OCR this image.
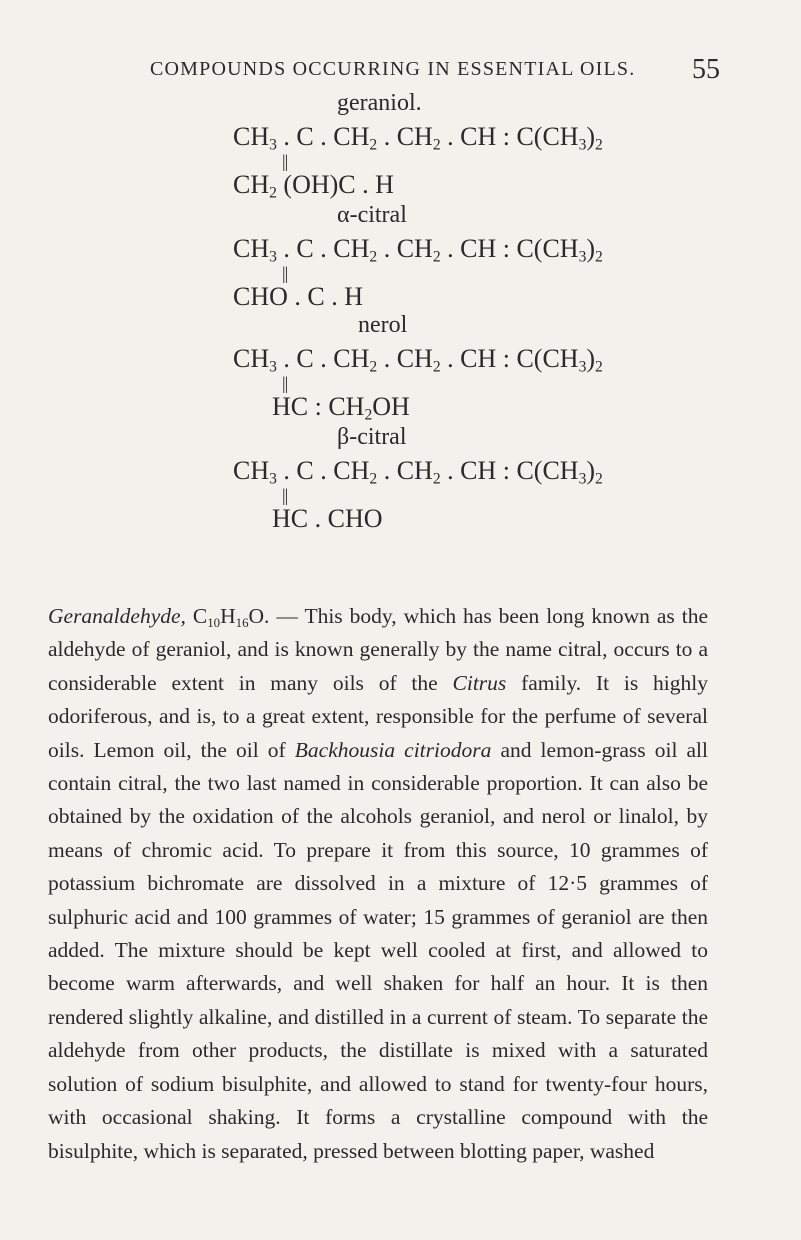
COMPOUNDS OCCURRING IN ESSENTIAL OILS. 55
geraniol.
$CH_3$ . C . $CH_2$ . $CH_2$ . CH : $C(CH_3)_2$
||
$CH_2$ (OH)C . H
α-citral
$CH_3$ . C . $CH_2$ . $CH_2$ . CH : $C(CH_3)_2$
||
CHO . C . H
nerol
$CH_3$ . C . $CH_2$ . $CH_2$ . CH : $C(CH_3)_2$
||
HC : $CH_2OH$
β-citral
$CH_3$ . C . $CH_2$ . $CH_2$ . CH : $C(CH_3)_2$
||
HC . CHO

Geranaldehyde, $C_{10}H_{16}O$. — This body, which has been long known as the aldehyde of geraniol, and is known generally by the name citral, occurs to a considerable extent in many oils of the Citrus family. It is highly odoriferous, and is, to a great extent, responsible for the perfume of several oils. Lemon oil, the oil of Backhousia citriodora and lemon-grass oil all contain citral, the two last named in considerable proportion. It can also be obtained by the oxidation of the alcohols geraniol, and nerol or linalol, by means of chromic acid. To prepare it from this source, 10 grammes of potassium bichromate are dissolved in a mixture of 12·5 grammes of sulphuric acid and 100 grammes of water; 15 grammes of geraniol are then added. The mixture should be kept well cooled at first, and allowed to become warm afterwards, and well shaken for half an hour. It is then rendered slightly alkaline, and distilled in a current of steam. To separate the aldehyde from other products, the distillate is mixed with a saturated solution of sodium bisulphite, and allowed to stand for twenty-four hours, with occasional shaking. It forms a crystalline compound with the bisulphite, which is separated, pressed between blotting paper, washed
